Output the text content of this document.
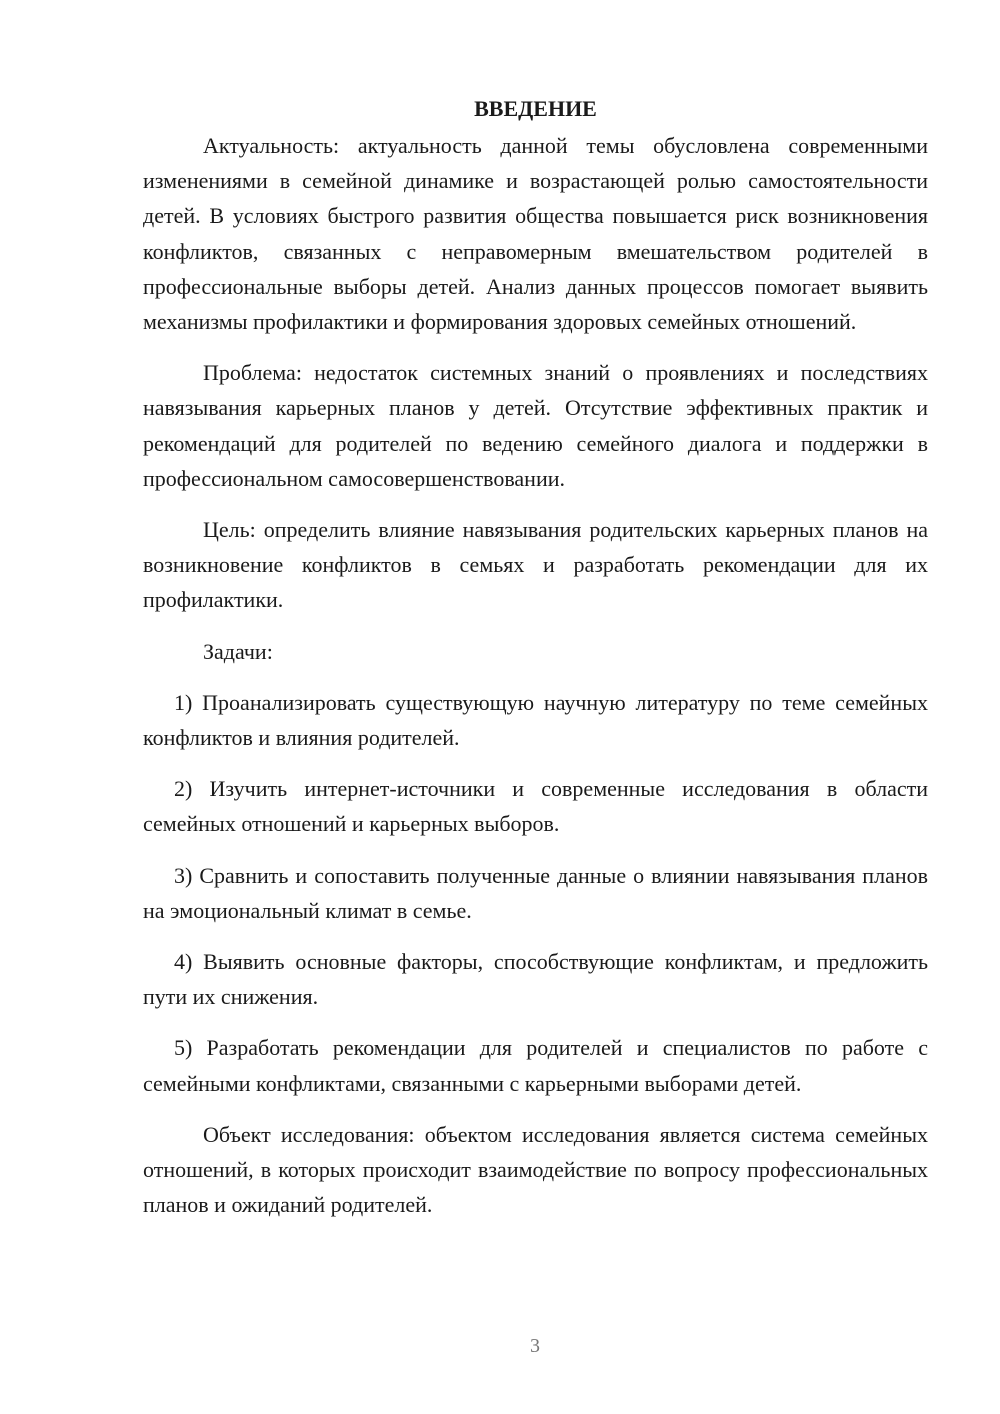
ВВЕДЕНИЕ

Актуальность: актуальность данной темы обусловлена современными изменениями в семейной динамике и возрастающей ролью самостоятельности детей. В условиях быстрого развития общества повышается риск возникновения конфликтов, связанных с неправомерным вмешательством родителей в профессиональные выборы детей. Анализ данных процессов помогает выявить механизмы профилактики и формирования здоровых семейных отношений.

Проблема: недостаток системных знаний о проявлениях и последствиях навязывания карьерных планов у детей. Отсутствие эффективных практик и рекомендаций для родителей по ведению семейного диалога и поддержки в профессиональном самосовершенствовании.

Цель: определить влияние навязывания родительских карьерных планов на возникновение конфликтов в семьях и разработать рекомендации для их профилактики.

Задачи:

1) Проанализировать существующую научную литературу по теме семейных конфликтов и влияния родителей.

2) Изучить интернет-источники и современные исследования в области семейных отношений и карьерных выборов.

3) Сравнить и сопоставить полученные данные о влиянии навязывания планов на эмоциональный климат в семье.

4) Выявить основные факторы, способствующие конфликтам, и предложить пути их снижения.

5) Разработать рекомендации для родителей и специалистов по работе с семейными конфликтами, связанными с карьерными выборами детей.

Объект исследования: объектом исследования является система семейных отношений, в которых происходит взаимодействие по вопросу профессиональных планов и ожиданий родителей.

3
